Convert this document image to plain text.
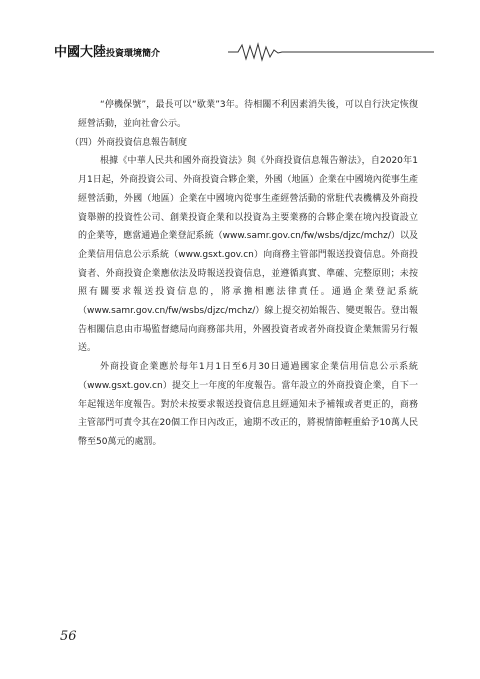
中國大陸投資環境簡介

“停機保號”，最長可以“歇業”3年。待相關不利因素消失後，可以自行決定恢復經營活動，並向社會公示。

（四）外商投資信息報告制度

根據《中華人民共和國外商投資法》與《外商投資信息報告辦法》，自2020年1月1日起，外商投資公司、外商投資合夥企業，外國（地區）企業在中國境內從事生產經營活動，外國（地區）企業在中國境內從事生產經營活動的常駐代表機構及外商投資舉辦的投資性公司、創業投資企業和以投資為主要業務的合夥企業在境內投資設立的企業等，應當通過企業登記系統（www.samr.gov.cn/fw/wsbs/djzc/mchz/）以及企業信用信息公示系統（www.gsxt.gov.cn）向商務主管部門報送投資信息。外商投資者、外商投資企業應依法及時報送投資信息，並遵循真實、準確、完整原則；未按照有關要求報送投資信息的，將承擔相應法律責任。通過企業登記系統（www.samr.gov.cn/fw/wsbs/djzc/mchz/）線上提交初始報告、變更報告。登出報告相關信息由市場監督總局向商務部共用，外國投資者或者外商投資企業無需另行報送。

外商投資企業應於每年1月1日至6月30日通過國家企業信用信息公示系統（www.gsxt.gov.cn）提交上一年度的年度報告。當年設立的外商投資企業，自下一年起報送年度報告。對於未按要求報送投資信息且經通知未予補報或者更正的，商務主管部門可責令其在20個工作日內改正，逾期不改正的，將視情節輕重給予10萬人民幣至50萬元的處罰。

56
